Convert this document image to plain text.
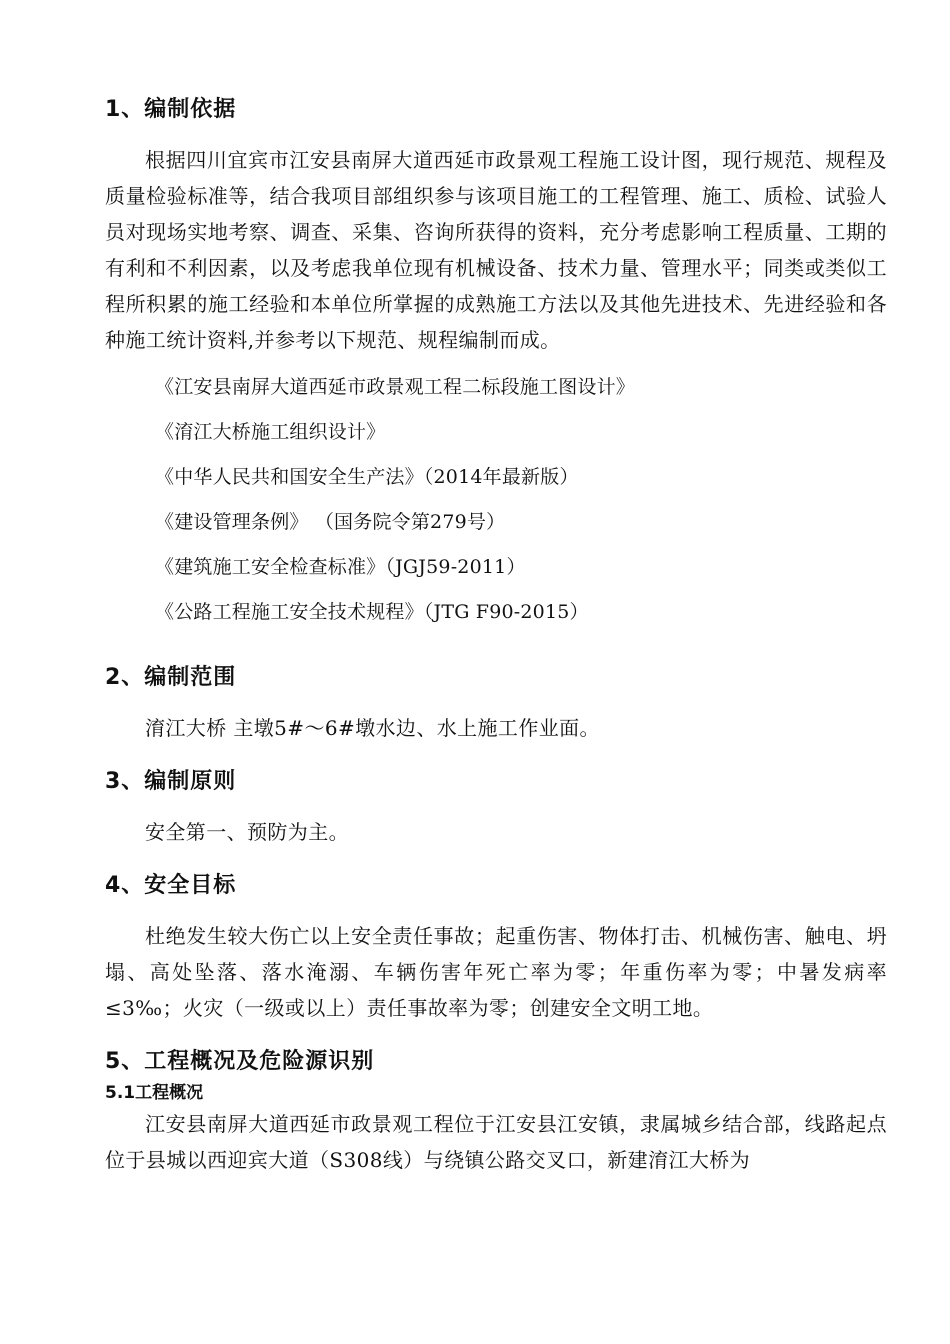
1、编制依据

根据四川宜宾市江安县南屏大道西延市政景观工程施工设计图，现行规范、规程及质量检验标准等，结合我项目部组织参与该项目施工的工程管理、施工、质检、试验人员对现场实地考察、调查、采集、咨询所获得的资料，充分考虑影响工程质量、工期的有利和不利因素，以及考虑我单位现有机械设备、技术力量、管理水平；同类或类似工程所积累的施工经验和本单位所掌握的成熟施工方法以及其他先进技术、先进经验和各种施工统计资料,并参考以下规范、规程编制而成。

《江安县南屏大道西延市政景观工程二标段施工图设计》
《淯江大桥施工组织设计》
《中华人民共和国安全生产法》（2014年最新版）
《建设管理条例》 （国务院令第279号）
《建筑施工安全检查标准》（JGJ59-2011）
《公路工程施工安全技术规程》（JTG F90-2015）
2、编制范围

淯江大桥 主墩5#～6#墩水边、水上施工作业面。

3、编制原则

安全第一、预防为主。

4、安全目标

杜绝发生较大伤亡以上安全责任事故；起重伤害、物体打击、机械伤害、触电、坍塌、高处坠落、落水淹溺、车辆伤害年死亡率为零；年重伤率为零；中暑发病率≤3‰；火灾（一级或以上）责任事故率为零；创建安全文明工地。

5、工程概况及危险源识别
5.1工程概况

江安县南屏大道西延市政景观工程位于江安县江安镇，隶属城乡结合部，线路起点位于县城以西迎宾大道（S308线）与绕镇公路交叉口，新建淯江大桥为
